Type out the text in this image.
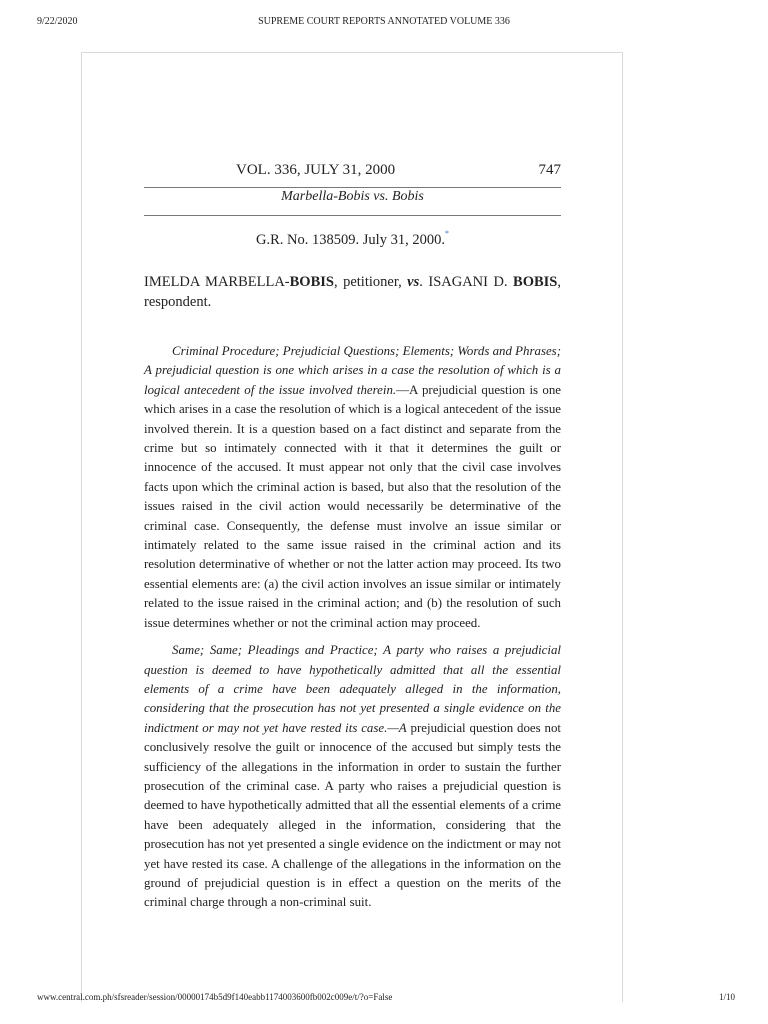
9/22/2020	SUPREME COURT REPORTS ANNOTATED VOLUME 336
VOL. 336, JULY 31, 2000	747
Marbella-Bobis vs. Bobis
G.R. No. 138509. July 31, 2000.*
IMELDA MARBELLA-BOBIS, petitioner, vs. ISAGANI D. BOBIS, respondent.

Criminal Procedure; Prejudicial Questions; Elements; Words and Phrases; A prejudicial question is one which arises in a case the resolution of which is a logical antecedent of the issue involved therein.—A prejudicial question is one which arises in a case the resolution of which is a logical antecedent of the issue involved therein. It is a question based on a fact distinct and separate from the crime but so intimately connected with it that it determines the guilt or innocence of the accused. It must appear not only that the civil case involves facts upon which the criminal action is based, but also that the resolution of the issues raised in the civil action would necessarily be determinative of the criminal case. Consequently, the defense must involve an issue similar or intimately related to the same issue raised in the criminal action and its resolution determinative of whether or not the latter action may proceed. Its two essential elements are: (a) the civil action involves an issue similar or intimately related to the issue raised in the criminal action; and (b) the resolution of such issue determines whether or not the criminal action may proceed.

Same; Same; Pleadings and Practice; A party who raises a prejudicial question is deemed to have hypothetically admitted that all the essential elements of a crime have been adequately alleged in the information, considering that the prosecution has not yet presented a single evidence on the indictment or may not yet have rested its case.—A prejudicial question does not conclusively resolve the guilt or innocence of the accused but simply tests the sufficiency of the allegations in the information in order to sustain the further prosecution of the criminal case. A party who raises a prejudicial question is deemed to have hypothetically admitted that all the essential elements of a crime have been adequately alleged in the information, considering that the prosecution has not yet presented a single evidence on the indictment or may not yet have rested its case. A challenge of the allegations in the information on the ground of prejudicial question is in effect a question on the merits of the criminal charge through a non-criminal suit.

www.central.com.ph/sfsreader/session/00000174b5d9f140eabb1174003600fb002c009e/t/?o=False	1/10
